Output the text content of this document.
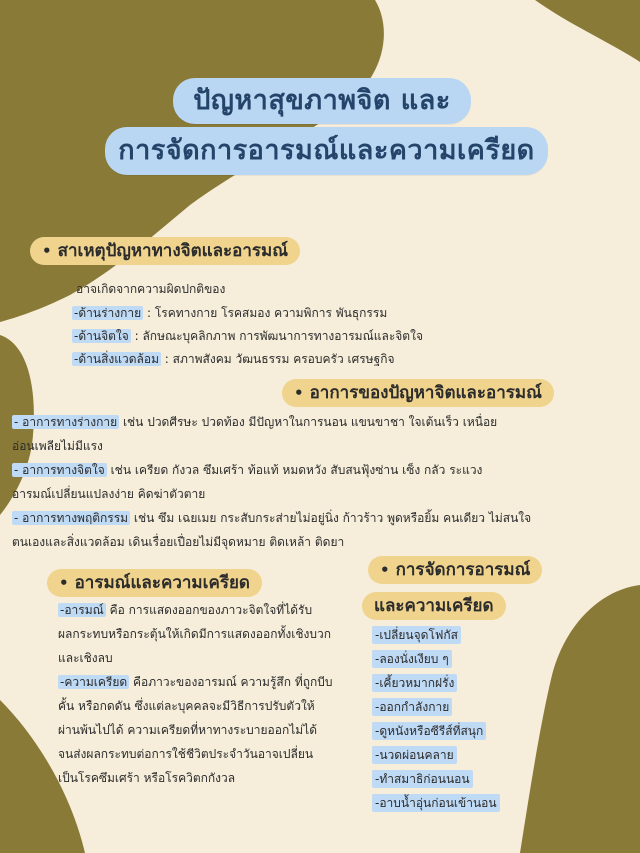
ปัญหาสุขภาพจิต และ
การจัดการอารมณ์และความเครียด
• สาเหตุปัญหาทางจิตและอารมณ์
อาจเกิดจากความผิดปกติของ
-ด้านร่างกาย : โรคทางกาย โรคสมอง ความพิการ พันธุกรรม
-ด้านจิตใจ : ลักษณะบุคลิกภาพ การพัฒนาการทางอารมณ์และจิตใจ
-ด้านสิ่งแวดล้อม : สภาพสังคม วัฒนธรรม ครอบครัว เศรษฐกิจ
• อาการของปัญหาจิตและอารมณ์
- อาการทางร่างกาย เช่น ปวดศีรษะ ปวดท้อง มีปัญหาในการนอน แขนขาชา ใจเต้นเร็ว เหนื่อย
อ่อนเพลียไม่มีแรง
- อาการทางจิตใจ เช่น เครียด กังวล ซึมเศร้า ท้อแท้ หมดหวัง สับสนฟุ้งซ่าน เซ็ง กลัว ระแวง
อารมณ์เปลี่ยนแปลงง่าย คิดฆ่าตัวตาย
- อาการทางพฤติกรรม เช่น ซึม เฉยเมย กระสับกระส่ายไม่อยู่นิ่ง ก้าวร้าว พูดหรือยิ้ม คนเดียว ไม่สนใจ
ตนเองและสิ่งแวดล้อม เดินเรื่อยเปื่อยไม่มีจุดหมาย ติดเหล้า ติดยา
• อารมณ์และความเครียด
-อารมณ์ คือ การแสดงออกของภาวะจิตใจที่ได้รับ
ผลกระทบหรือกระตุ้นให้เกิดมีการแสดงออกทั้งเชิงบวก
และเชิงลบ
-ความเครียด คือภาวะของอารมณ์ ความรู้สึก ที่ถูกบีบ
คั้น หรือกดดัน ซึ่งแต่ละบุคคลจะมีวิธีการปรับตัวให้
ผ่านพ้นไปได้ ความเครียดที่หาทางระบายออกไม่ได้
จนส่งผลกระทบต่อการใช้ชีวิตประจำวันอาจเปลี่ยน
เป็นโรคซึมเศร้า หรือโรควิตกกังวล
• การจัดการอารมณ์
และความเครียด
-เปลี่ยนจุดโฟกัส
-ลองนั่งเงียบ ๆ
-เคี้ยวหมากฝรั่ง
-ออกกำลังกาย
-ดูหนังหรือซีรีส์ที่สนุก
-นวดผ่อนคลาย
-ทำสมาธิก่อนนอน
-อาบน้ำอุ่นก่อนเข้านอน
